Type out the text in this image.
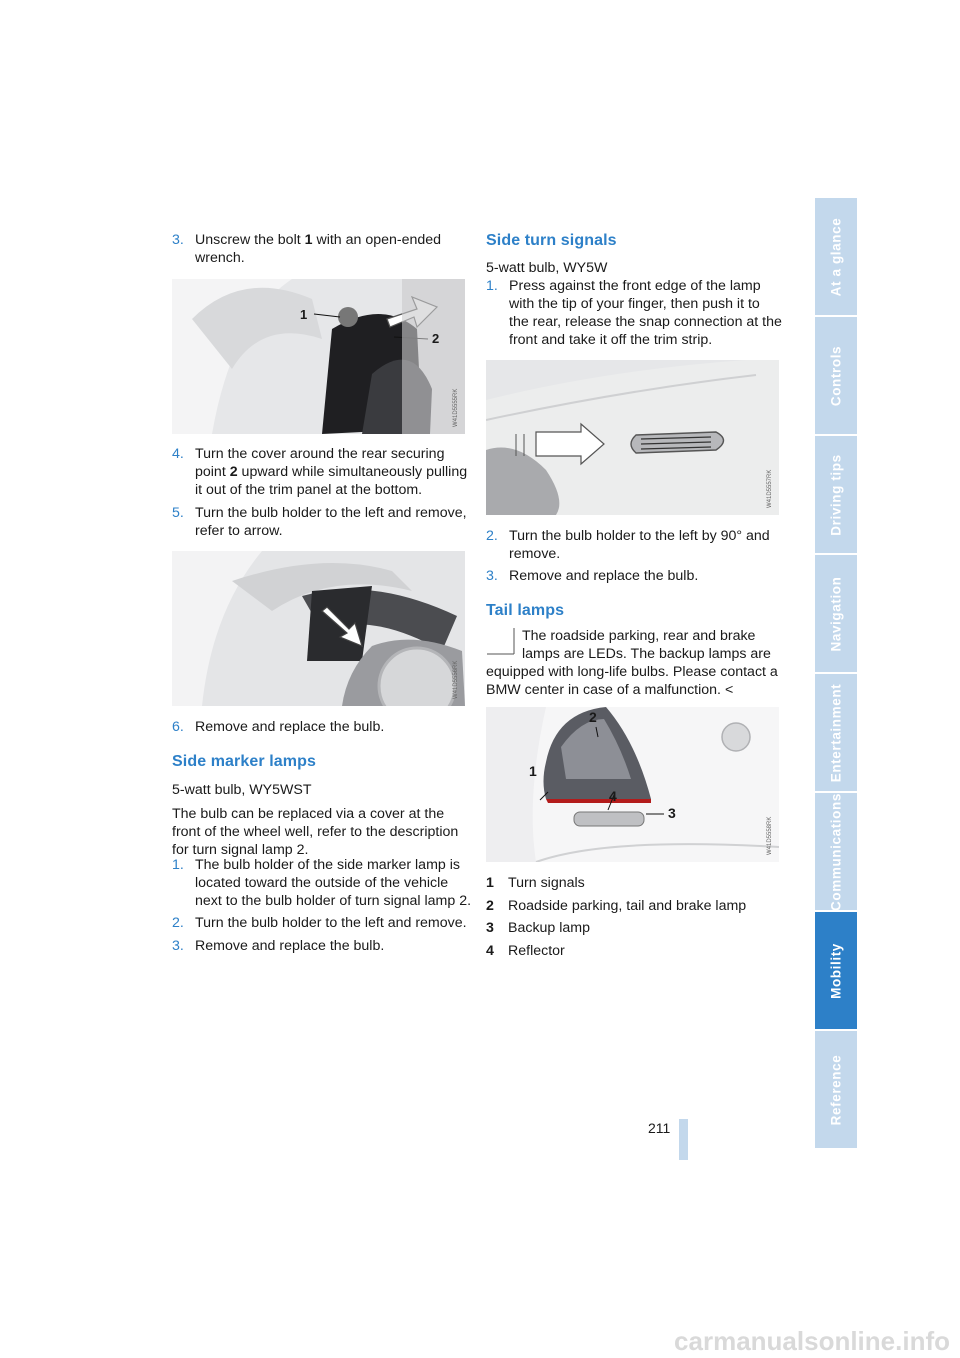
3. Unscrew the bolt 1 with an open-ended wrench.
1
2
W41D5555RK
4. Turn the cover around the rear securing point 2 upward while simultaneously pulling it out of the trim panel at the bottom.
5. Turn the bulb holder to the left and remove, refer to arrow.
W41D5556RK
6. Remove and replace the bulb.
Side marker lamps
5-watt bulb, WY5WST
The bulb can be replaced via a cover at the front of the wheel well, refer to the description for turn signal lamp 2.
1. The bulb holder of the side marker lamp is located toward the outside of the vehicle next to the bulb holder of turn signal lamp 2.
2. Turn the bulb holder to the left and remove.
3. Remove and replace the bulb.
Side turn signals
5-watt bulb, WY5W
1. Press against the front edge of the lamp with the tip of your finger, then push it to the rear, release the snap connection at the front and take it off the trim strip.
W41D5557RK
2. Turn the bulb holder to the left by 90° and remove.
3. Remove and replace the bulb.
Tail lamps
The roadside parking, rear and brake lamps are LEDs. The backup lamps are equipped with long-life bulbs. Please contact a BMW center in case of a malfunction. <
1
2
3
4
W41D5558RK
1 Turn signals
2 Roadside parking, tail and brake lamp
3 Backup lamp
4 Reflector
At a glance
Controls
Driving tips
Navigation
Entertainment
Communications
Mobility
Reference
211
carmanualsonline.info
